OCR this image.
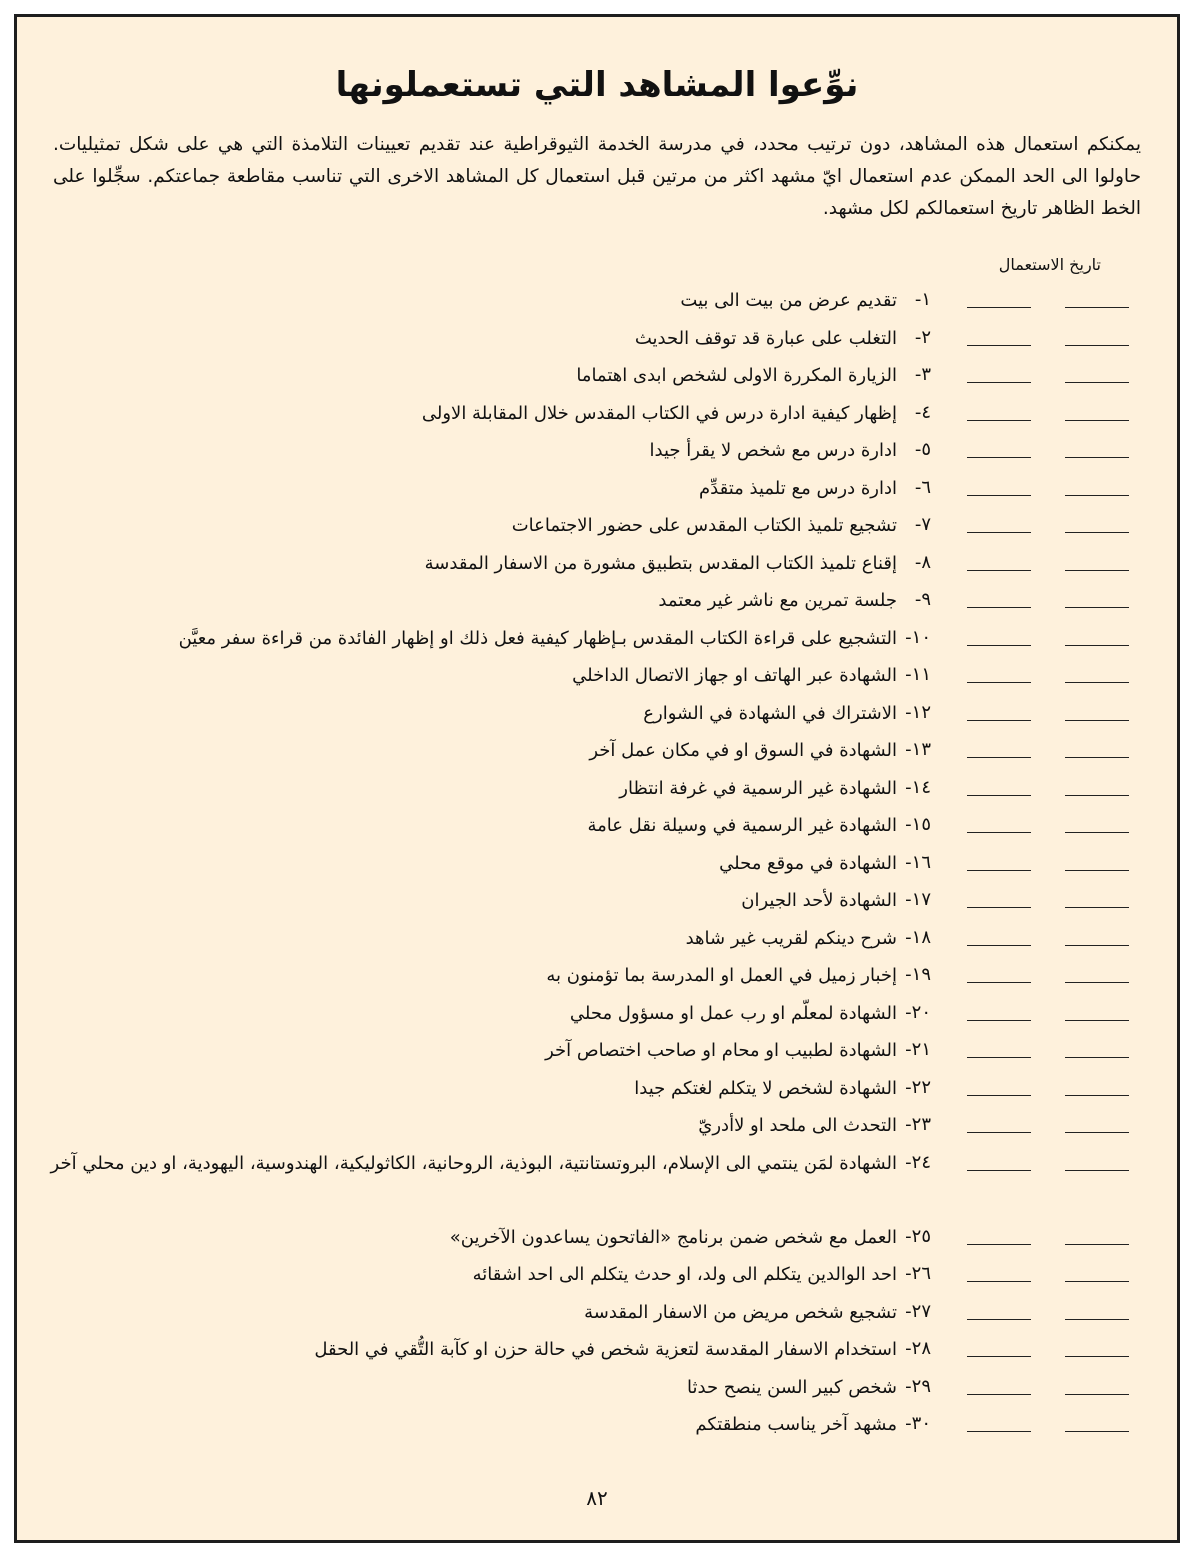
نوِّعوا المشاهد التي تستعملونها
يمكنكم استعمال هذه المشاهد، دون ترتيب محدد، في مدرسة الخدمة الثيوقراطية عند تقديم تعيينات التلامذة التي هي على شكل تمثيليات. حاولوا الى الحد الممكن عدم استعمال ايّ مشهد اكثر من مرتين قبل استعمال كل المشاهد الاخرى التي تناسب مقاطعة جماعتكم. سجِّلوا على الخط الظاهر تاريخ استعمالكم لكل مشهد.
تاريخ الاستعمال
١-
تقديم عرض من بيت الى بيت
٢-
التغلب على عبارة قد توقف الحديث
٣-
الزيارة المكررة الاولى لشخص ابدى اهتماما
٤-
إظهار كيفية ادارة درس في الكتاب المقدس خلال المقابلة الاولى
٥-
ادارة درس مع شخص لا يقرأ جيدا
٦-
ادارة درس مع تلميذ متقدِّم
٧-
تشجيع تلميذ الكتاب المقدس على حضور الاجتماعات
٨-
إقناع تلميذ الكتاب المقدس بتطبيق مشورة من الاسفار المقدسة
٩-
جلسة تمرين مع ناشر غير معتمد
١٠-
التشجيع على قراءة الكتاب المقدس بـإظهار كيفية فعل ذلك او إظهار الفائدة من قراءة سفر معيَّن
١١-
الشهادة عبر الهاتف او جهاز الاتصال الداخلي
١٢-
الاشتراك في الشهادة في الشوارع
١٣-
الشهادة في السوق او في مكان عمل آخر
١٤-
الشهادة غير الرسمية في غرفة انتظار
١٥-
الشهادة غير الرسمية في وسيلة نقل عامة
١٦-
الشهادة في موقع محلي
١٧-
الشهادة لأحد الجيران
١٨-
شرح دينكم لقريب غير شاهد
١٩-
إخبار زميل في العمل او المدرسة بما تؤمنون به
٢٠-
الشهادة لمعلّم او رب عمل او مسؤول محلي
٢١-
الشهادة لطبيب او محام او صاحب اختصاص آخر
٢٢-
الشهادة لشخص لا يتكلم لغتكم جيدا
٢٣-
التحدث الى ملحد او لاأدريّ
٢٤-
الشهادة لمَن ينتمي الى الإسلام، البروتستانتية، البوذية، الروحانية، الكاثوليكية، الهندوسية، اليهودية، او دين محلي آخر
٢٥-
العمل مع شخص ضمن برنامج «الفاتحون يساعدون الآخرين»
٢٦-
احد الوالدين يتكلم الى ولد، او حدث يتكلم الى احد اشقائه
٢٧-
تشجيع شخص مريض من الاسفار المقدسة
٢٨-
استخدام الاسفار المقدسة لتعزية شخص في حالة حزن او كآبة التُّقي في الحقل
٢٩-
شخص كبير السن ينصح حدثا
٣٠-
مشهد آخر يناسب منطقتكم
٨٢
